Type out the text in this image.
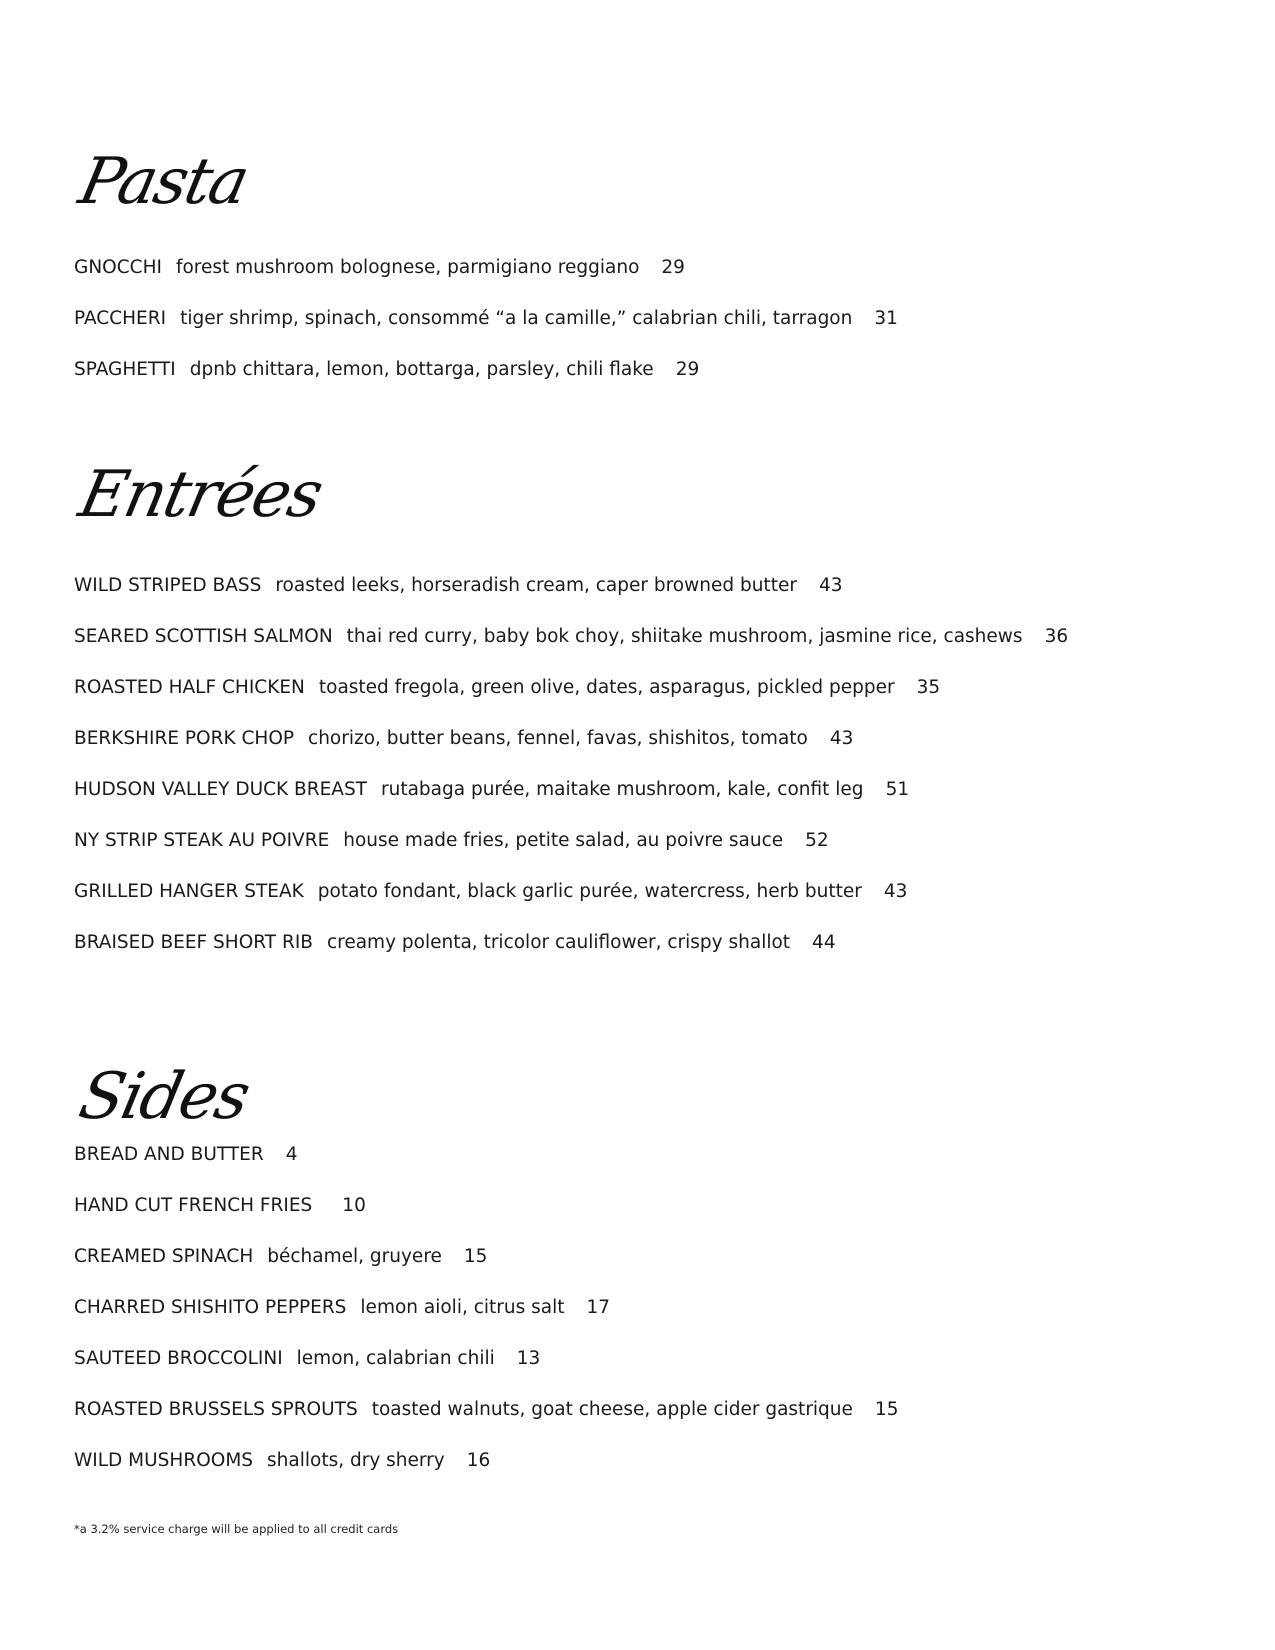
Pasta
GNOCCHI forest mushroom bolognese, parmigiano reggiano 29
PACCHERI tiger shrimp, spinach, consommé “a la camille,” calabrian chili, tarragon 31
SPAGHETTI dpnb chittara, lemon, bottarga, parsley, chili flake 29
Entrées
WILD STRIPED BASS roasted leeks, horseradish cream, caper browned butter 43
SEARED SCOTTISH SALMON thai red curry, baby bok choy, shiitake mushroom, jasmine rice, cashews 36
ROASTED HALF CHICKEN toasted fregola, green olive, dates, asparagus, pickled pepper 35
BERKSHIRE PORK CHOP chorizo, butter beans, fennel, favas, shishitos, tomato 43
HUDSON VALLEY DUCK BREAST rutabaga purée, maitake mushroom, kale, confit leg 51
NY STRIP STEAK AU POIVRE house made fries, petite salad, au poivre sauce 52
GRILLED HANGER STEAK potato fondant, black garlic purée, watercress, herb butter 43
BRAISED BEEF SHORT RIB creamy polenta, tricolor cauliflower, crispy shallot 44
Sides
BREAD AND BUTTER 4
HAND CUT FRENCH FRIES 10
CREAMED SPINACH béchamel, gruyere 15
CHARRED SHISHITO PEPPERS lemon aioli, citrus salt 17
SAUTEED BROCCOLINI lemon, calabrian chili 13
ROASTED BRUSSELS SPROUTS toasted walnuts, goat cheese, apple cider gastrique 15
WILD MUSHROOMS shallots, dry sherry 16
*a 3.2% service charge will be applied to all credit cards
